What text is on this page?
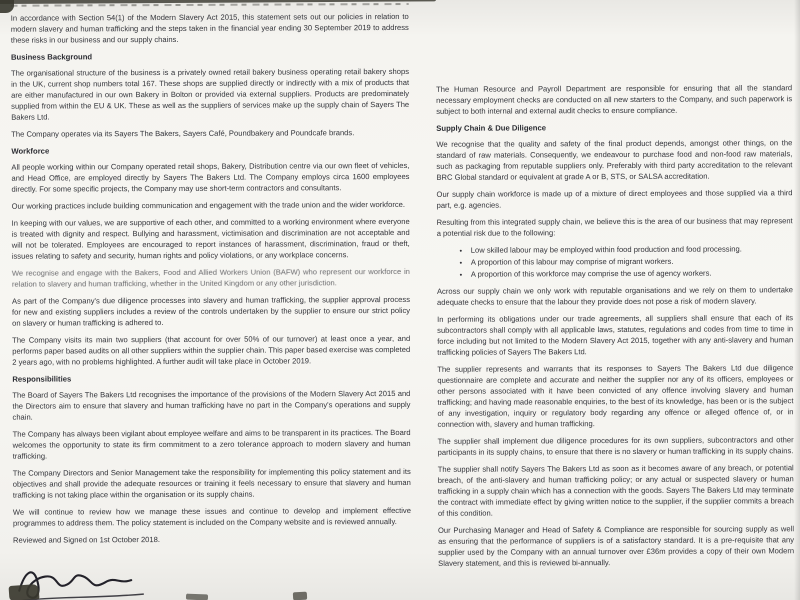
In accordance with Section 54(1) of the Modern Slavery Act 2015, this statement sets out our policies in relation to modern slavery and human trafficking and the steps taken in the financial year ending 30 September 2019 to address these risks in our business and our supply chains.

Business Background

The organisational structure of the business is a privately owned retail bakery business operating retail bakery shops in the UK, current shop numbers total 167. These shops are supplied directly or indirectly with a mix of products that are either manufactured in our own Bakery in Bolton or provided via external suppliers. Products are predominately supplied from within the EU & UK. These as well as the suppliers of services make up the supply chain of Sayers The Bakers Ltd.

The Company operates via its Sayers The Bakers, Sayers Café, Poundbakery and Poundcafe brands.

Workforce

All people working within our Company operated retail shops, Bakery, Distribution centre via our own fleet of vehicles, and Head Office, are employed directly by Sayers The Bakers Ltd. The Company employs circa 1600 employees directly. For some specific projects, the Company may use short-term contractors and consultants.

Our working practices include building communication and engagement with the trade union and the wider workforce.

In keeping with our values, we are supportive of each other, and committed to a working environment where everyone is treated with dignity and respect. Bullying and harassment, victimisation and discrimination are not acceptable and will not be tolerated. Employees are encouraged to report instances of harassment, discrimination, fraud or theft, issues relating to safety and security, human rights and policy violations, or any workplace concerns.

We recognise and engage with the Bakers, Food and Allied Workers Union (BAFW) who represent our workforce in relation to slavery and human trafficking, whether in the United Kingdom or any other jurisdiction.

As part of the Company's due diligence processes into slavery and human trafficking, the supplier approval process for new and existing suppliers includes a review of the controls undertaken by the supplier to ensure our strict policy on slavery or human trafficking is adhered to.

The Company visits its main two suppliers (that account for over 50% of our turnover) at least once a year, and performs paper based audits on all other suppliers within the supplier chain. This paper based exercise was completed 2 years ago, with no problems highlighted. A further audit will take place in October 2019.

Responsibilities

The Board of Sayers The Bakers Ltd recognises the importance of the provisions of the Modern Slavery Act 2015 and the Directors aim to ensure that slavery and human trafficking have no part in the Company's operations and supply chain.

The Company has always been vigilant about employee welfare and aims to be transparent in its practices. The Board welcomes the opportunity to state its firm commitment to a zero tolerance approach to modern slavery and human trafficking.

The Company Directors and Senior Management take the responsibility for implementing this policy statement and its objectives and shall provide the adequate resources or training it feels necessary to ensure that slavery and human trafficking is not taking place within the organisation or its supply chains.

We will continue to review how we manage these issues and continue to develop and implement effective programmes to address them. The policy statement is included on the Company website and is reviewed annually.

Reviewed and Signed on 1st October 2018.

The Human Resource and Payroll Department are responsible for ensuring that all the standard necessary employment checks are conducted on all new starters to the Company, and such paperwork is subject to both internal and external audit checks to ensure compliance.

Supply Chain & Due Diligence

We recognise that the quality and safety of the final product depends, amongst other things, on the standard of raw materials. Consequently, we endeavour to purchase food and non-food raw materials, such as packaging from reputable suppliers only. Preferably with third party accreditation to the relevant BRC Global standard or equivalent at grade A or B, STS, or SALSA accreditation.

Our supply chain workforce is made up of a mixture of direct employees and those supplied via a third part, e.g. agencies.

Resulting from this integrated supply chain, we believe this is the area of our business that may represent a potential risk due to the following:

• Low skilled labour may be employed within food production and food processing.
• A proportion of this labour may comprise of migrant workers.
• A proportion of this workforce may comprise the use of agency workers.

Across our supply chain we only work with reputable organisations and we rely on them to undertake adequate checks to ensure that the labour they provide does not pose a risk of modern slavery.

In performing its obligations under our trade agreements, all suppliers shall ensure that each of its subcontractors shall comply with all applicable laws, statutes, regulations and codes from time to time in force including but not limited to the Modern Slavery Act 2015, together with any anti-slavery and human trafficking policies of Sayers The Bakers Ltd.

The supplier represents and warrants that its responses to Sayers The Bakers Ltd due diligence questionnaire are complete and accurate and neither the supplier nor any of its officers, employees or other persons associated with it have been convicted of any offence involving slavery and human trafficking; and having made reasonable enquiries, to the best of its knowledge, has been or is the subject of any investigation, inquiry or regulatory body regarding any offence or alleged offence of, or in connection with, slavery and human trafficking.

The supplier shall implement due diligence procedures for its own suppliers, subcontractors and other participants in its supply chains, to ensure that there is no slavery or human trafficking in its supply chains.

The supplier shall notify Sayers The Bakers Ltd as soon as it becomes aware of any breach, or potential breach, of the anti-slavery and human trafficking policy; or any actual or suspected slavery or human trafficking in a supply chain which has a connection with the goods. Sayers The Bakers Ltd may terminate the contract with immediate effect by giving written notice to the supplier, if the supplier commits a breach of this condition.

Our Purchasing Manager and Head of Safety & Compliance are responsible for sourcing supply as well as ensuring that the performance of suppliers is of a satisfactory standard. It is a pre-requisite that any supplier used by the Company with an annual turnover over £36m provides a copy of their own Modern Slavery statement, and this is reviewed bi-annually.
